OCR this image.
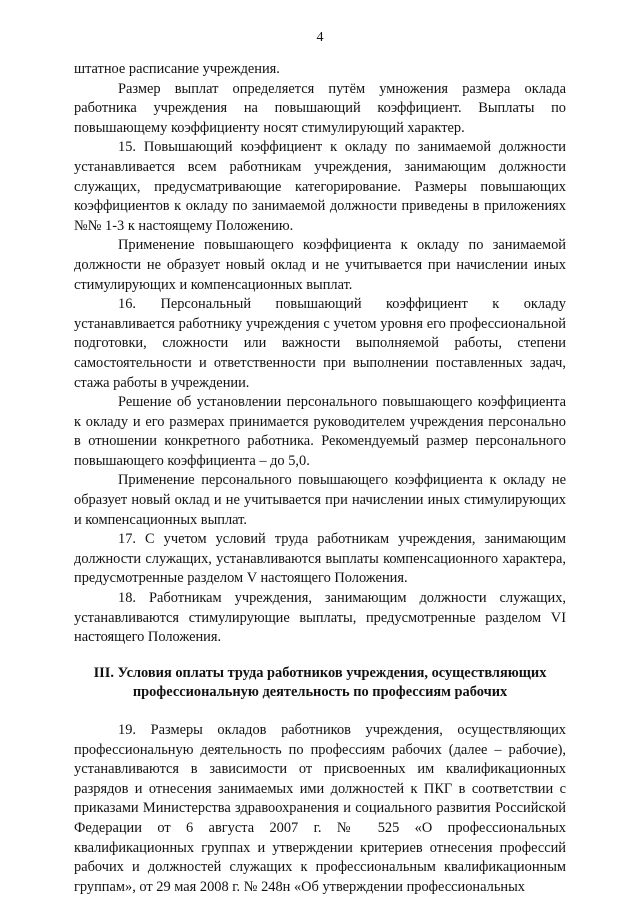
4

штатное расписание учреждения.

Размер выплат определяется путём умножения размера оклада работника учреждения на повышающий коэффициент. Выплаты по повышающему коэффициенту носят стимулирующий характер.

15. Повышающий коэффициент к окладу по занимаемой должности устанавливается всем работникам учреждения, занимающим должности служащих, предусматривающие категорирование. Размеры повышающих коэффициентов к окладу по занимаемой должности приведены в приложениях №№ 1-3 к настоящему Положению.

Применение повышающего коэффициента к окладу по занимаемой должности не образует новый оклад и не учитывается при начислении иных стимулирующих и компенсационных выплат.

16. Персональный повышающий коэффициент к окладу устанавливается работнику учреждения с учетом уровня его профессиональной подготовки, сложности или важности выполняемой работы, степени самостоятельности и ответственности при выполнении поставленных задач, стажа работы в учреждении.

Решение об установлении персонального повышающего коэффициента к окладу и его размерах принимается руководителем учреждения персонально в отношении конкретного работника. Рекомендуемый размер персонального повышающего коэффициента – до 5,0.

Применение персонального повышающего коэффициента к окладу не образует новый оклад и не учитывается при начислении иных стимулирующих и компенсационных выплат.

17. С учетом условий труда работникам учреждения, занимающим должности служащих, устанавливаются выплаты компенсационного характера, предусмотренные разделом V настоящего Положения.

18. Работникам учреждения, занимающим должности служащих, устанавливаются стимулирующие выплаты, предусмотренные разделом VI настоящего Положения.

III. Условия оплаты труда работников учреждения, осуществляющих профессиональную деятельность по профессиям рабочих

19. Размеры окладов работников учреждения, осуществляющих профессиональную деятельность по профессиям рабочих (далее – рабочие), устанавливаются в зависимости от присвоенных им квалификационных разрядов и отнесения занимаемых ими должностей к ПКГ в соответствии с приказами Министерства здравоохранения и социального развития Российской Федерации от 6 августа 2007 г. № 525 «О профессиональных квалификационных группах и утверждении критериев отнесения профессий рабочих и должностей служащих к профессиональным квалификационным группам», от 29 мая 2008 г. № 248н «Об утверждении профессиональных
